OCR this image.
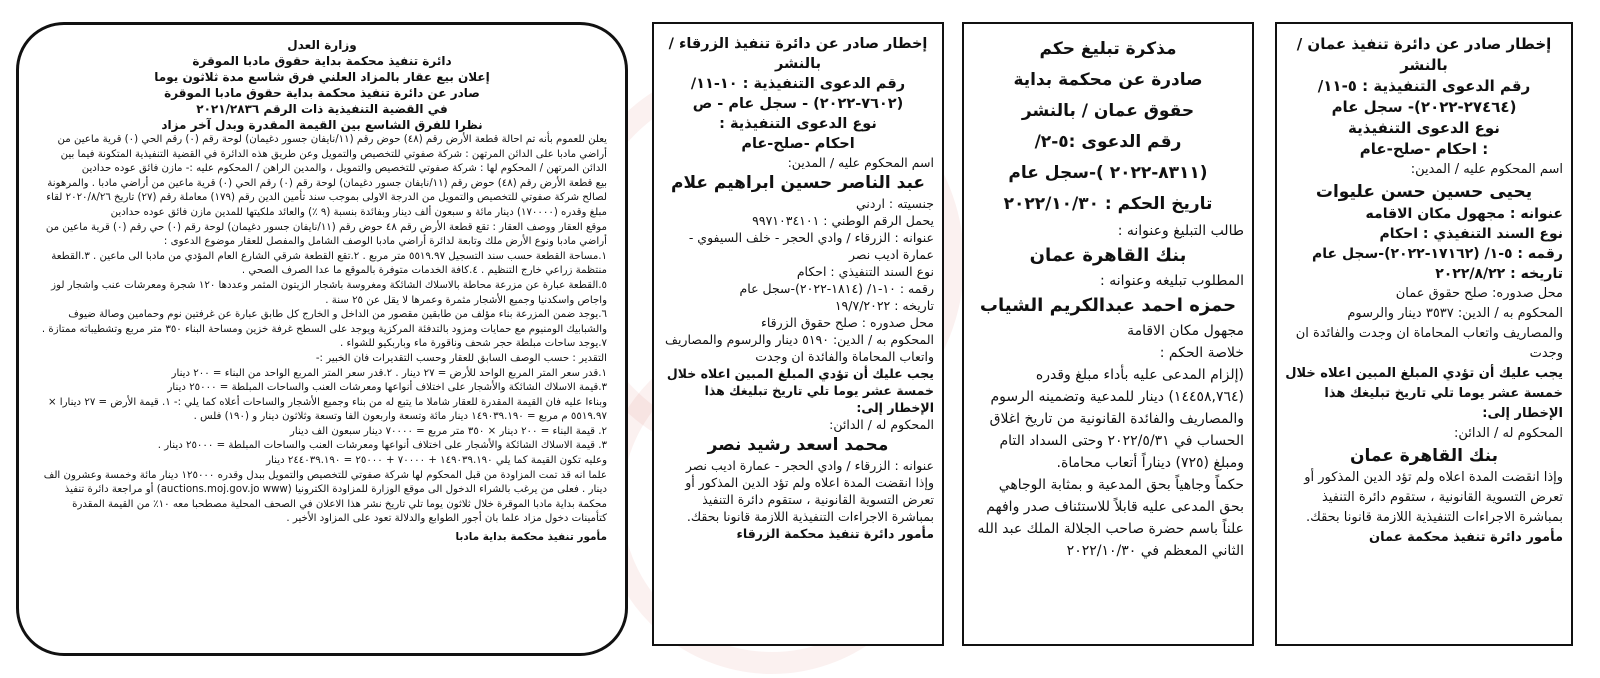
وزارة العدل
دائرة تنفيذ محكمة بداية حقوق مادبا الموقرة
إعلان بيع عقار بالمزاد العلني فرق شاسع مدة ثلاثون يوما
صادر عن دائرة تنفيذ محكمة بداية حقوق مادبا الموقرة
في القضية التنفيذية ذات الرقم ٢٠٢١/٢٨٣٦
نظرا للفرق الشاسع بين القيمة المقدرة وبدل آخر مزاد

يعلن للعموم بأنه تم احالة قطعة الأرض رقم (٤٨) حوض رقم (١١/نايفان جسور دغيمان) لوحة رقم (٠) رقم الحي (٠) قرية ماعين من أراضي مادبا على الدائن المرتهن : شركة صفوتي للتخصيص والتمويل وعن طريق هذه الدائرة في القضية التنفيذية المتكونة فيما بين الدائن المرتهن / المحكوم لها : شركة صفوتي للتخصيص والتمويل ، والمدين الراهن / المحكوم عليه :- مازن فائق عوده حدادين

بيع قطعة الأرض رقم (٤٨) حوض رقم (١١/نايفان جسور دغيمان) لوحة رقم (٠) رقم الحي (٠) قرية ماعين من أراضي مادبا . والمرهونة لصالح شركة صفوتي للتخصيص والتمويل من الدرجة الاولى بموجب سند تأمين الدين رقم (١٧٩) معاملة رقم (٢٧) تاريخ ٢٠٢٠/٨/٢٦ لقاء مبلغ وقدره (١٧٠٠٠٠) دينار مائة و سبعون ألف دينار وبفائدة بنسبة (٩ ٪) والعائد ملكيتها للمدين مازن فائق عوده حدادين

موقع العقار ووصف العقار : تقع قطعة الأرض رقم ٤٨ حوض رقم (١١/نايفان جسور دغيمان) لوحة رقم (٠) حي رقم (٠) قرية ماعين من أراضي مادبا ونوع الأرض ملك وتابعة لدائرة أراضي مادبا الوصف الشامل والمفصل للعقار موضوع الدعوى :

١.مساحة القطعة حسب سند التسجيل ٥٥١٩.٩٧ متر مربع . ٢.تقع القطعة شرقي الشارع العام المؤدي من مادبا الى ماعين . ٣.القطعة منتظمة زراعي خارج التنظيم . ٤.كافة الخدمات متوفرة بالموقع ما عدا الصرف الصحي .

٥.القطعة عبارة عن مزرعة محاطة بالاسلاك الشائكة ومغروسة باشجار الزيتون المثمر وعددها ١٢٠ شجرة ومعرشات عنب واشجار لوز واجاص واسكدنيا وجميع الأشجار مثمرة وعمرها لا يقل عن ٢٥ سنة .

٦.يوجد ضمن المزرعة بناء مؤلف من طابقين مقصور من الداخل و الخارج كل طابق عبارة عن غرفتين نوم وحمامين وصالة ضيوف والشبابيك الومنيوم مع حمايات ومزود بالتدفئة المركزية ويوجد على السطح غرفة خزين ومساحة البناء ٣٥٠ متر مربع وتشطيباته ممتازة . ٧.يوجد ساحات مبلطة حجر شحف وناقورة ماء وباربكيو للشواء .

التقدير : حسب الوصف السابق للعقار وحسب التقديرات فان الخبير :-

١.قدر سعر المتر المربع الواحد للأرض = ٢٧ دينار . ٢.قدر سعر المتر المربع الواحد من البناء = ٢٠٠ دينار

٣.قيمة الاسلاك الشائكة والأشجار على اختلاف أنواعها ومعرشات العنب والساحات المبلطة = ٢٥٠٠٠ دينار

وبناءا عليه فان القيمة المقدرة للعقار شاملا ما يتبع له من بناء وجميع الأشجار والساحات أعلاه كما يلي :- ١. قيمة الأرض = ٢٧ دينارا × ٥٥١٩.٩٧ م مربع = ١٤٩٠٣٩.١٩٠ دينار مائة وتسعة واربعون الفا وتسعة وثلاثون دينار و (١٩٠) فلس .

٢. قيمة البناء = ٢٠٠ دينار × ٣٥٠ متر مربع = ٧٠٠٠٠ دينار سبعون الف دينار

٣. قيمة الاسلاك الشائكة والأشجار على اختلاف أنواعها ومعرشات العنب والساحات المبلطة = ٢٥٠٠٠ دينار .

وعليه تكون القيمة كما يلي ١٤٩٠٣٩.١٩٠ + ٧٠٠٠٠ + ٢٥٠٠٠ = ٢٤٤٠٣٩.١٩٠ دينار

علما انه قد تمت المزاودة من قبل المحكوم لها شركة صفوتي للتخصيص والتمويل ببدل وقدره ١٢٥٠٠٠ دينار مائة وخمسة وعشرون الف دينار . فعلى من يرغب بالشراء الدخول الى موقع الوزارة للمزاودة الكترونيا (auctions.moj.gov.jo www) أو مراجعة دائرة تنفيذ محكمة بداية مادبا الموقرة خلال ثلاثون يوما تلي تاريخ نشر هذا الاعلان في الصحف المحلية مصطحبا معه ١٠٪ من القيمة المقدرة كتأمينات دخول مزاد علما بان أجور الطوابع والدلالة تعود على المزاود الأخير .

مأمور تنفيذ محكمة بداية مادبا
إخطار صادر عن دائرة تنفيذ الزرقاء / بالنشر
رقم الدعوى التنفيذية : ١٠-١١/ (٧٦٠٢-٢٠٢٢) - سجل عام - ص
نوع الدعوى التنفيذية :
احكام -صلح-عام
اسم المحكوم عليه / المدين:
عبد الناصر حسين ابراهيم علام
جنسيته : اردني
يحمل الرقم الوطني : ٩٩٧١٠٣٤١٠١
عنوانه : الزرقاء / وادي الحجر - خلف السيفوي - عمارة اديب نصر
نوع السند التنفيذي : احكام
رقمه : ١٠-١/ (١٨١٤-٢٠٢٢)-سجل عام
تاريخه : ١٩/٧/٢٠٢٢
محل صدوره : صلح حقوق الزرقاء
المحكوم به / الدين: ٥١٩٠ دينار والرسوم والمصاريف واتعاب المحاماة والفائدة ان وجدت
يجب عليك أن تؤدي المبلغ المبين اعلاه خلال خمسة عشر يوما تلي تاريخ تبليغك هذا الإخطار إلى:
المحكوم له / الدائن:
محمد اسعد رشيد نصر
عنوانه : الزرقاء / وادي الحجر - عمارة اديب نصر
وإذا انقضت المدة اعلاه ولم تؤد الدين المذكور أو تعرض التسوية القانونية ، ستقوم دائرة التنفيذ بمباشرة الاجراءات التنفيذية اللازمة قانونا بحقك.
مأمور دائرة تنفيذ محكمة الزرقاء
مذكرة تبليغ حكم
صادرة عن محكمة بداية
حقوق عمان / بالنشر
رقم الدعوى :٥-٢/
(٨٣١١-٢٠٢٢ )-سجل عام
تاريخ الحكم : ٢٠٢٢/١٠/٣٠
طالب التبليغ وعنوانه :
بنك القاهرة عمان
المطلوب تبليغه وعنوانه :
حمزه احمد عبدالكريم الشياب
مجهول مكان الاقامة
خلاصة الحكم :
(إلزام المدعى عليه بأداء مبلغ وقدره (١٤٤٥٨,٧٦٤) دينار للمدعية وتضمينه الرسوم والمصاريف والفائدة القانونية من تاريخ اغلاق الحساب في ٢٠٢٢/٥/٣١ وحتى السداد التام ومبلغ (٧٢٥) ديناراً أتعاب محاماة.
حكماً وجاهياً بحق المدعية و بمثابة الوجاهي بحق المدعى عليه قابلاً للاستئناف صدر وافهم علناً باسم حضرة صاحب الجلالة الملك عبد الله الثاني المعظم في ٢٠٢٢/١٠/٣٠
إخطار صادر عن دائرة تنفيذ عمان / بالنشر
رقم الدعوى التنفيذية : ٥-١١/ (٢٧٤٦٤-٢٠٢٢)- سجل عام
نوع الدعوى التنفيذية
: احكام -صلح-عام
اسم المحكوم عليه / المدين:
يحيى حسين حسن عليوات
عنوانه : مجهول مكان الاقامه
نوع السند التنفيذي : احكام
رقمه : ٥-١/ (١٧١٦٢-٢٠٢٢)-سجل عام
تاريخه : ٢٠٢٢/٨/٢٢
محل صدوره: صلح حقوق عمان
المحكوم به / الدين: ٣٥٣٧ دينار والرسوم والمصاريف واتعاب المحاماة ان وجدت والفائدة ان وجدت
يجب عليك أن تؤدي المبلغ المبين اعلاه خلال خمسة عشر يوما تلي تاريخ تبليغك هذا الإخطار إلى:
المحكوم له / الدائن:
بنك القاهرة عمان
وإذا انقضت المدة اعلاه ولم تؤد الدين المذكور أو تعرض التسوية القانونية ، ستقوم دائرة التنفيذ بمباشرة الاجراءات التنفيذية اللازمة قانونا بحقك.
مأمور دائرة تنفيذ محكمة عمان
